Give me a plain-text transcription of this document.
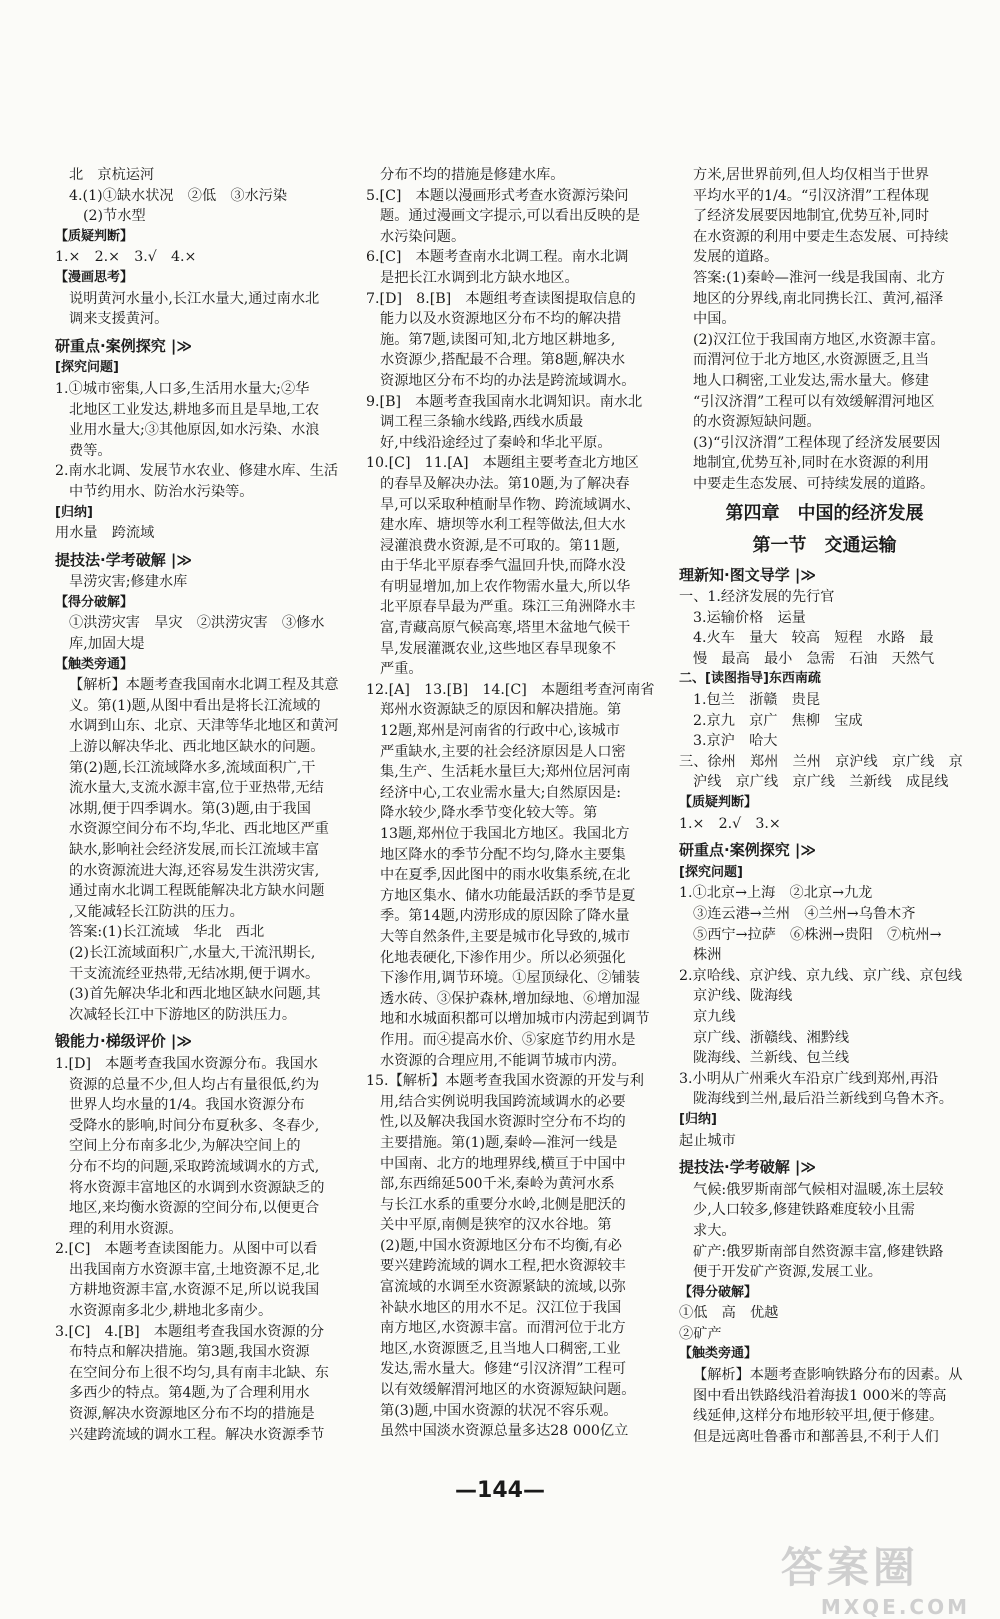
北　京杭运河
4.(1)①缺水状况　②低　③水污染
(2)节水型
【质疑判断】
1.×　2.×　3.√　4.×
【漫画思考】
说明黄河水量小,长江水量大,通过南水北
调来支援黄河。
研重点·案例探究 |≫
[探究问题]
1.①城市密集,人口多,生活用水量大;②华
北地区工业发达,耕地多而且是旱地,工农
业用水量大;③其他原因,如水污染、水浪
费等。
2.南水北调、发展节水农业、修建水库、生活
中节约用水、防治水污染等。
[归纳]
用水量　跨流域
提技法·学考破解 |≫
旱涝灾害;修建水库
【得分破解】
①洪涝灾害　旱灾　②洪涝灾害　③修水
库,加固大堤
【触类旁通】
【解析】本题考查我国南水北调工程及其意
义。第(1)题,从图中看出是将长江流域的
水调到山东、北京、天津等华北地区和黄河
上游以解决华北、西北地区缺水的问题。
第(2)题,长江流域降水多,流域面积广,干
流水量大,支流水源丰富,位于亚热带,无结
冰期,便于四季调水。第(3)题,由于我国
水资源空间分布不均,华北、西北地区严重
缺水,影响社会经济发展,而长江流域丰富
的水资源流进大海,还容易发生洪涝灾害,
通过南水北调工程既能解决北方缺水问题
,又能减轻长江防洪的压力。
答案:(1)长江流域　华北　西北
(2)长江流域面积广,水量大,干流汛期长,
干支流流经亚热带,无结冰期,便于调水。
(3)首先解决华北和西北地区缺水问题,其
次减轻长江中下游地区的防洪压力。
锻能力·梯级评价 |≫
1.[D]　本题考查我国水资源分布。我国水
资源的总量不少,但人均占有量很低,约为
世界人均水量的1/4。我国水资源分布
受降水的影响,时间分布夏秋多、冬春少,
空间上分布南多北少,为解决空间上的
分布不均的问题,采取跨流域调水的方式,
将水资源丰富地区的水调到水资源缺乏的
地区,来均衡水资源的空间分布,以便更合
理的利用水资源。
2.[C]　本题考查读图能力。从图中可以看
出我国南方水资源丰富,土地资源不足,北
方耕地资源丰富,水资源不足,所以说我国
水资源南多北少,耕地北多南少。
3.[C]　4.[B]　本题组考查我国水资源的分
布特点和解决措施。第3题,我国水资源
在空间分布上很不均匀,具有南丰北缺、东
多西少的特点。第4题,为了合理利用水
资源,解决水资源地区分布不均的措施是
兴建跨流域的调水工程。解决水资源季节
分布不均的措施是修建水库。
5.[C]　本题以漫画形式考查水资源污染问
题。通过漫画文字提示,可以看出反映的是
水污染问题。
6.[C]　本题考查南水北调工程。南水北调
是把长江水调到北方缺水地区。
7.[D]　8.[B]　本题组考查读图提取信息的
能力以及水资源地区分布不均的解决措
施。第7题,读图可知,北方地区耕地多,
水资源少,搭配最不合理。第8题,解决水
资源地区分布不均的办法是跨流域调水。
9.[B]　本题考查我国南水北调知识。南水北
调工程三条输水线路,西线水质最
好,中线沿途经过了秦岭和华北平原。
10.[C]　11.[A]　本题组主要考查北方地区
的春旱及解决办法。第10题,为了解决春
旱,可以采取种植耐旱作物、跨流域调水、
建水库、塘坝等水利工程等做法,但大水
浸灌浪费水资源,是不可取的。第11题,
由于华北平原春季气温回升快,而降水没
有明显增加,加上农作物需水量大,所以华
北平原春旱最为严重。珠江三角洲降水丰
富,青藏高原气候高寒,塔里木盆地气候干
旱,发展灌溉农业,这些地区春旱现象不
严重。
12.[A]　13.[B]　14.[C]　本题组考查河南省
郑州水资源缺乏的原因和解决措施。第
12题,郑州是河南省的行政中心,该城市
严重缺水,主要的社会经济原因是人口密
集,生产、生活耗水量巨大;郑州位居河南
经济中心,工农业需水量大;自然原因是:
降水较少,降水季节变化较大等。第
13题,郑州位于我国北方地区。我国北方
地区降水的季节分配不均匀,降水主要集
中在夏季,因此图中的雨水收集系统,在北
方地区集水、储水功能最活跃的季节是夏
季。第14题,内涝形成的原因除了降水量
大等自然条件,主要是城市化导致的,城市
化地表硬化,下渗作用少。所以必须强化
下渗作用,调节环境。①屋顶绿化、②铺装
透水砖、③保护森林,增加绿地、⑥增加湿
地和水城面积都可以增加城市内涝起到调节
作用。而④提高水价、⑤家庭节约用水是
水资源的合理应用,不能调节城市内涝。
15.【解析】本题考查我国水资源的开发与利
用,结合实例说明我国跨流域调水的必要
性,以及解决我国水资源时空分布不均的
主要措施。第(1)题,秦岭—淮河一线是
中国南、北方的地理界线,横亘于中国中
部,东西绵延500千米,秦岭为黄河水系
与长江水系的重要分水岭,北侧是肥沃的
关中平原,南侧是狭窄的汉水谷地。第
(2)题,中国水资源地区分布不均衡,有必
要兴建跨流域的调水工程,把水资源较丰
富流域的水调至水资源紧缺的流域,以弥
补缺水地区的用水不足。汉江位于我国
南方地区,水资源丰富。而渭河位于北方
地区,水资源匮乏,且当地人口稠密,工业
发达,需水量大。修建“引汉济渭”工程可
以有效缓解渭河地区的水资源短缺问题。
第(3)题,中国水资源的状况不容乐观。
虽然中国淡水资源总量多达28 000亿立
方米,居世界前列,但人均仅相当于世界
平均水平的1/4。“引汉济渭”工程体现
了经济发展要因地制宜,优势互补,同时
在水资源的利用中要走生态发展、可持续
发展的道路。
答案:(1)秦岭—淮河一线是我国南、北方
地区的分界线,南北同携长江、黄河,福泽
中国。
(2)汉江位于我国南方地区,水资源丰富。
而渭河位于北方地区,水资源匮乏,且当
地人口稠密,工业发达,需水量大。修建
“引汉济渭”工程可以有效缓解渭河地区
的水资源短缺问题。
(3)“引汉济渭”工程体现了经济发展要因
地制宜,优势互补,同时在水资源的利用
中要走生态发展、可持续发展的道路。
第四章　中国的经济发展
第一节　交通运输
理新知·图文导学 |≫
一、1.经济发展的先行官
3.运输价格　运量
4.火车　量大　较高　短程　水路　最
慢　最高　最小　急需　石油　天然气
二、[读图指导]东西南疏
1.包兰　浙赣　贵昆
2.京九　京广　焦柳　宝成
3.京沪　哈大
三、徐州　郑州　兰州　京沪线　京广线　京
沪线　京广线　京广线　兰新线　成昆线
【质疑判断】
1.×　2.√　3.×
研重点·案例探究 |≫
[探究问题]
1.①北京→上海　②北京→九龙
③连云港→兰州　④兰州→乌鲁木齐
⑤西宁→拉萨　⑥株洲→贵阳　⑦杭州→
株洲
2.京哈线、京沪线、京九线、京广线、京包线
京沪线、陇海线
京九线
京广线、浙赣线、湘黔线
陇海线、兰新线、包兰线
3.小明从广州乘火车沿京广线到郑州,再沿
陇海线到兰州,最后沿兰新线到乌鲁木齐。
[归纳]
起止城市
提技法·学考破解 |≫
气候:俄罗斯南部气候相对温暖,冻土层较
少,人口较多,修建铁路难度较小且需
求大。
矿产:俄罗斯南部自然资源丰富,修建铁路
便于开发矿产资源,发展工业。
【得分破解】
①低　高　优越
②矿产
【触类旁通】
【解析】本题考查影响铁路分布的因素。从
图中看出铁路线沿着海拔1 000米的等高
线延伸,这样分布地形较平坦,便于修建。
但是远离吐鲁番市和鄯善县,不利于人们
—144—
答案圈
MXQE.COM
